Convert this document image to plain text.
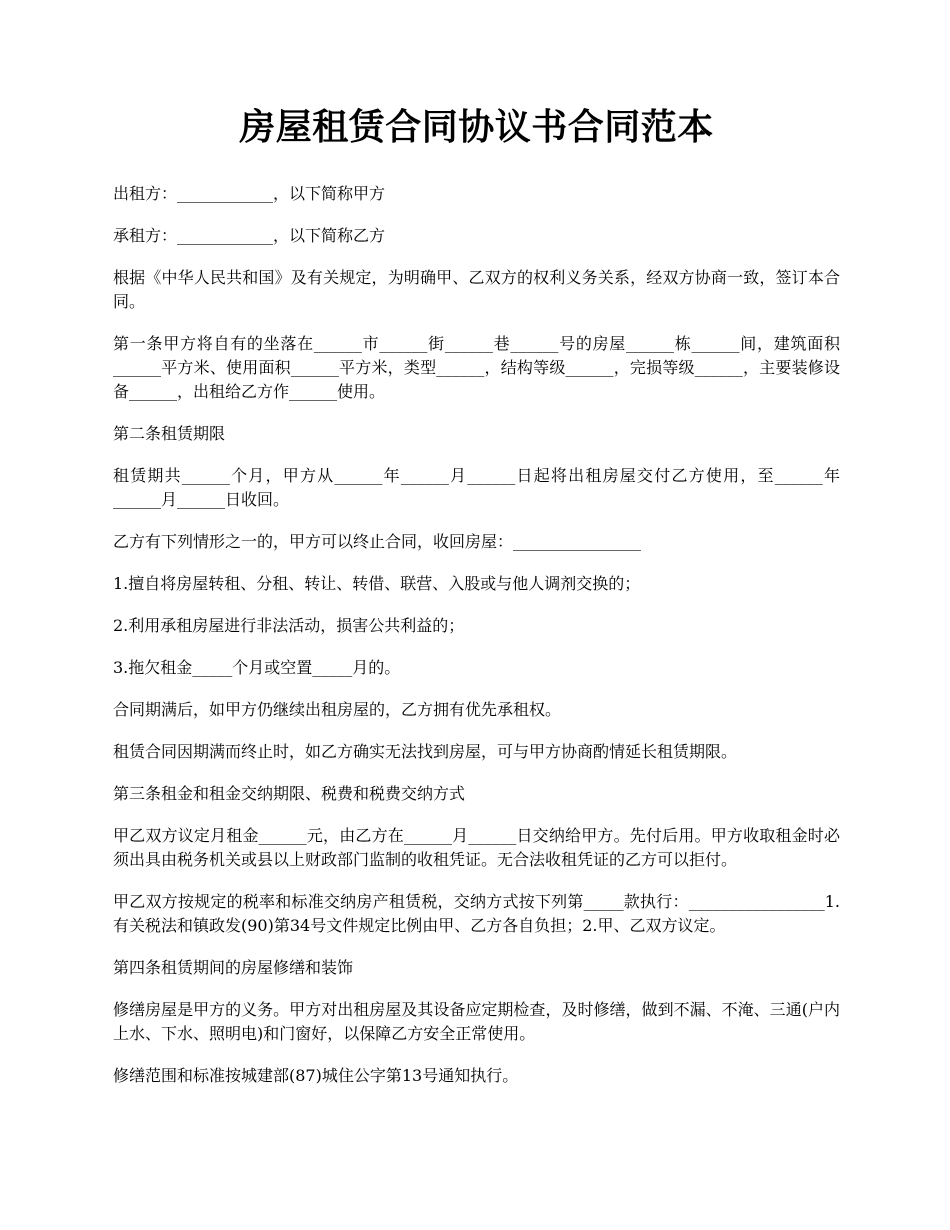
房屋租赁合同协议书合同范本

出租方：____________，以下简称甲方

承租方：____________，以下简称乙方

根据《中华人民共和国》及有关规定，为明确甲、乙双方的权利义务关系，经双方协商一致，签订本合同。

第一条甲方将自有的坐落在______市______街______巷______号的房屋______栋______间，建筑面积______平方米、使用面积______平方米，类型______，结构等级______，完损等级______，主要装修设备______，出租给乙方作______使用。

第二条租赁期限

租赁期共______个月，甲方从______年______月______日起将出租房屋交付乙方使用，至______年______月______日收回。

乙方有下列情形之一的，甲方可以终止合同，收回房屋：________________

1.擅自将房屋转租、分租、转让、转借、联营、入股或与他人调剂交换的；

2.利用承租房屋进行非法活动，损害公共利益的；

3.拖欠租金_____个月或空置_____月的。

合同期满后，如甲方仍继续出租房屋的，乙方拥有优先承租权。

租赁合同因期满而终止时，如乙方确实无法找到房屋，可与甲方协商酌情延长租赁期限。

第三条租金和租金交纳期限、税费和税费交纳方式

甲乙双方议定月租金______元，由乙方在______月______日交纳给甲方。先付后用。甲方收取租金时必须出具由税务机关或县以上财政部门监制的收租凭证。无合法收租凭证的乙方可以拒付。

甲乙双方按规定的税率和标准交纳房产租赁税，交纳方式按下列第_____款执行：_________________1.有关税法和镇政发(90)第34号文件规定比例由甲、乙方各自负担；2.甲、乙双方议定。

第四条租赁期间的房屋修缮和装饰

修缮房屋是甲方的义务。甲方对出租房屋及其设备应定期检查，及时修缮，做到不漏、不淹、三通(户内上水、下水、照明电)和门窗好，以保障乙方安全正常使用。

修缮范围和标准按城建部(87)城住公字第13号通知执行。
